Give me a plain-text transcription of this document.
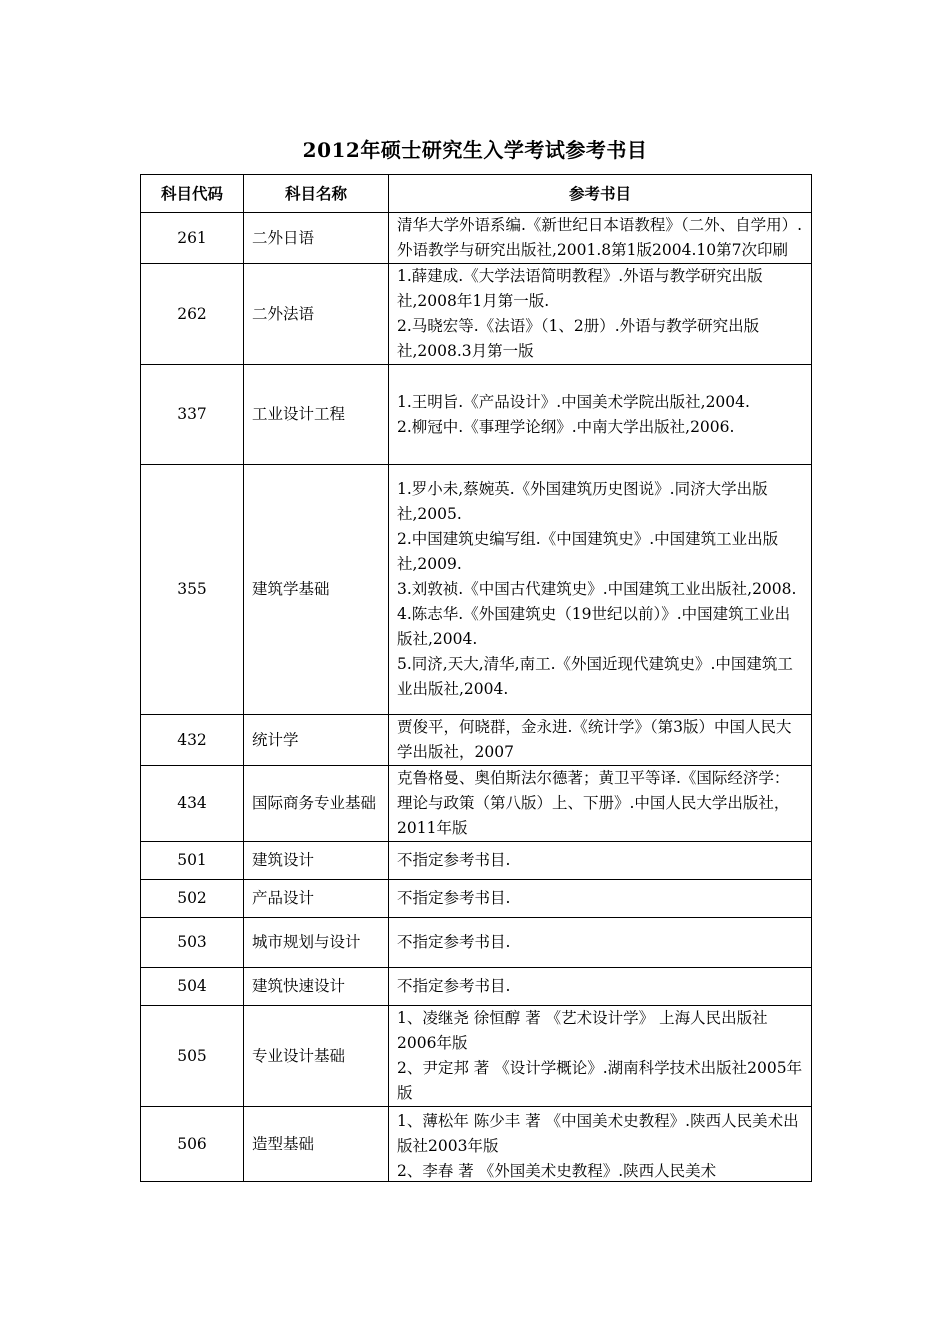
2012年硕士研究生入学考试参考书目
科目代码	科目名称	参考书目
261	二外日语	清华大学外语系编.《新世纪日本语教程》（二外、自学用）.外语教学与研究出版社,2001.8第1版2004.10第7次印刷

262	二外法语	1.薛建成.《大学法语简明教程》.外语与教学研究出版社,2008年1月第一版.
2.马晓宏等.《法语》（1、2册）.外语与教学研究出版社,2008.3月第一版

337	工业设计工程	1.王明旨.《产品设计》.中国美术学院出版社,2004.
2.柳冠中.《事理学论纲》.中南大学出版社,2006.

355	建筑学基础	1.罗小未,蔡婉英.《外国建筑历史图说》.同济大学出版社,2005.
2.中国建筑史编写组.《中国建筑史》.中国建筑工业出版社,2009.
3.刘敦祯.《中国古代建筑史》.中国建筑工业出版社,2008.
4.陈志华.《外国建筑史（19世纪以前）》.中国建筑工业出版社,2004.
5.同济,天大,清华,南工.《外国近现代建筑史》.中国建筑工业出版社,2004.

432	统计学	贾俊平，何晓群，金永进.《统计学》（第3版）中国人民大学出版社，2007

434	国际商务专业基础	克鲁格曼、奥伯斯法尔德著；黄卫平等译.《国际经济学：理论与政策（第八版）上、下册》.中国人民大学出版社，2011年版

501	建筑设计	不指定参考书目.

502	产品设计	不指定参考书目.

503	城市规划与设计	不指定参考书目.

504	建筑快速设计	不指定参考书目.

505	专业设计基础	1、凌继尧 徐恒醇 著 《艺术设计学》 上海人民出版社2006年版
2、尹定邦 著 《设计学概论》.湖南科学技术出版社2005年版

506	造型基础	1、薄松年 陈少丰 著 《中国美术史教程》.陕西人民美术出版社2003年版
2、李春 著 《外国美术史教程》.陕西人民美术
